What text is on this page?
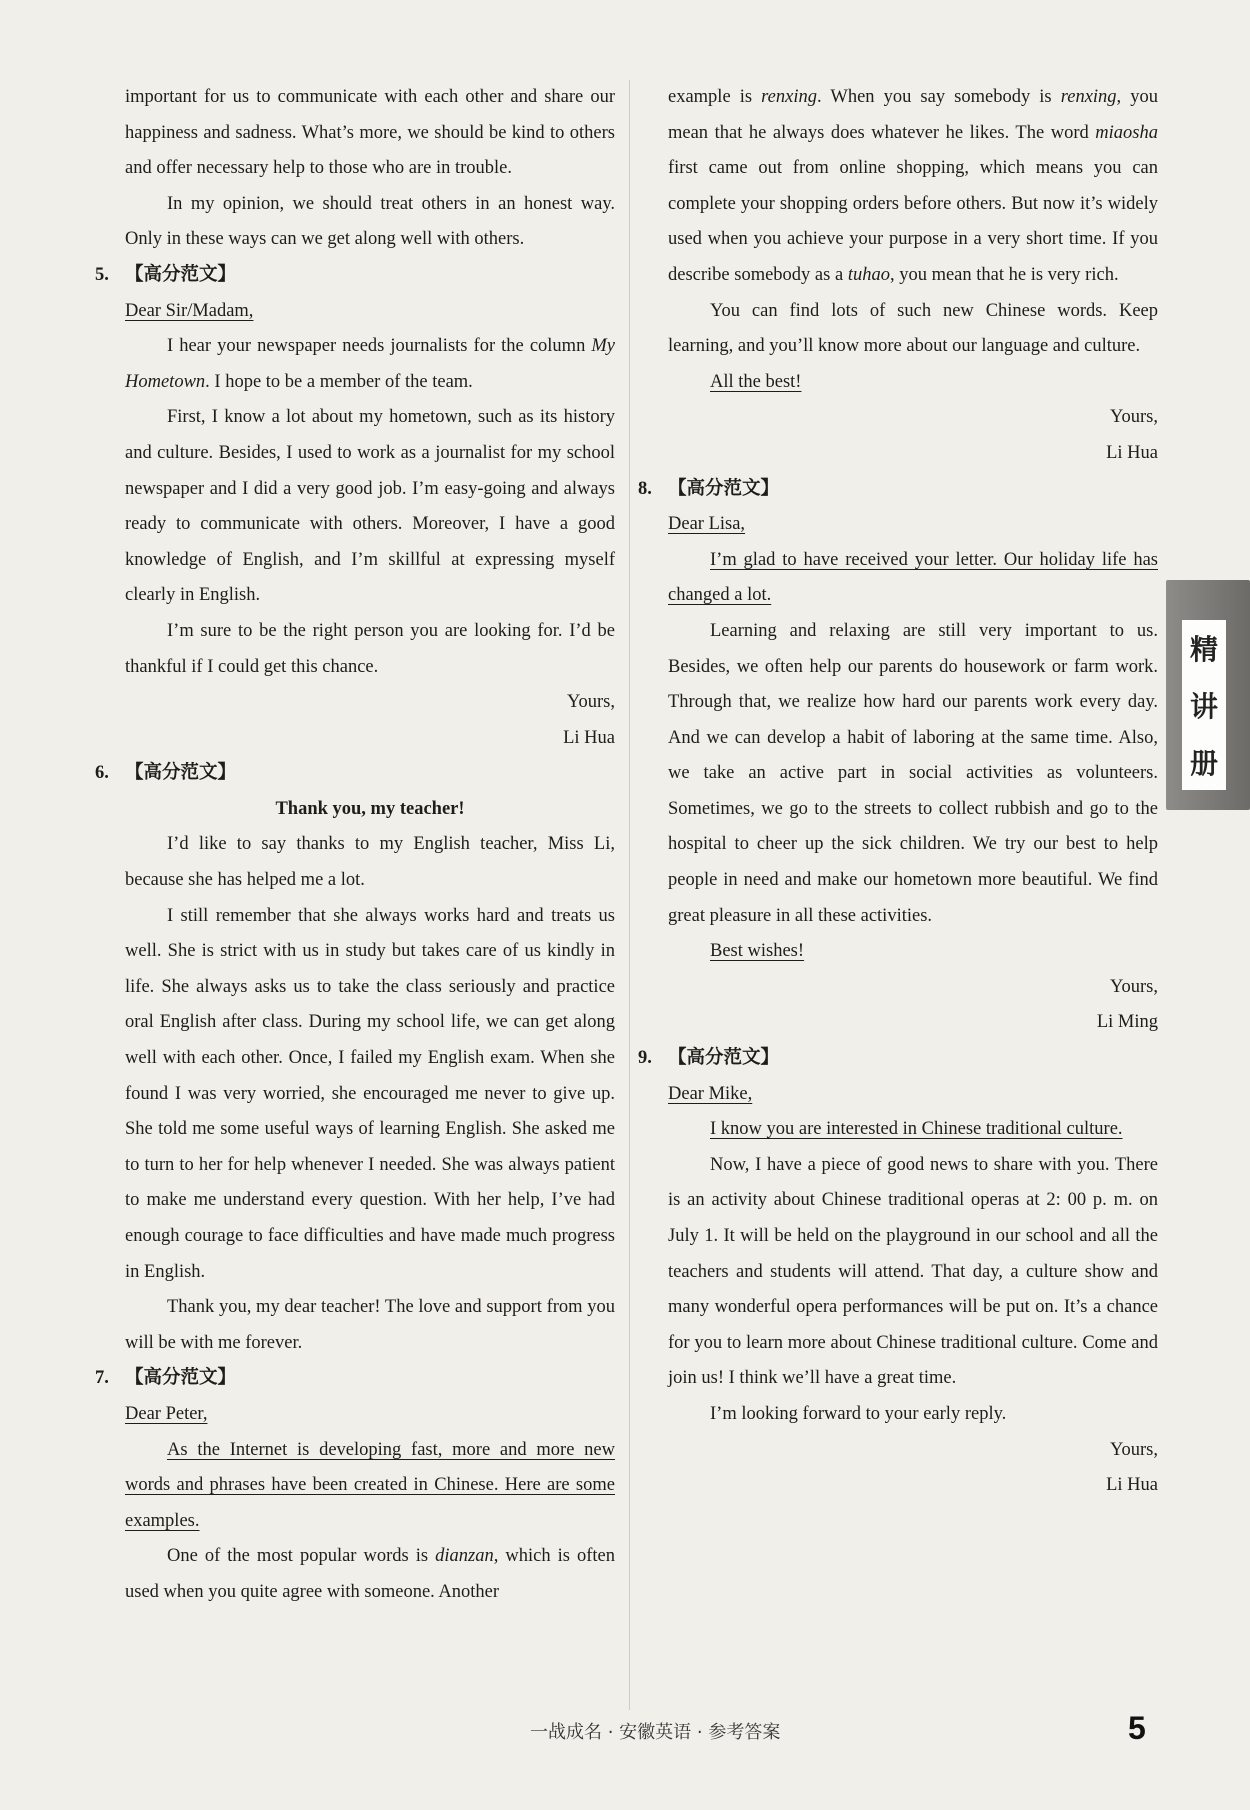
important for us to communicate with each other and share our happiness and sadness. What’s more, we should be kind to others and offer necessary help to those who are in trouble.

In my opinion, we should treat others in an honest way. Only in these ways can we get along well with others.

5. 【高分范文】

Dear Sir/Madam,

I hear your newspaper needs journalists for the column My Hometown. I hope to be a member of the team.

First, I know a lot about my hometown, such as its history and culture. Besides, I used to work as a journalist for my school newspaper and I did a very good job. I’m easy-going and always ready to communicate with others. Moreover, I have a good knowledge of English, and I’m skillful at expressing myself clearly in English.

I’m sure to be the right person you are looking for. I’d be thankful if I could get this chance.

Yours,

Li Hua

6. 【高分范文】

Thank you, my teacher!

I’d like to say thanks to my English teacher, Miss Li, because she has helped me a lot.

I still remember that she always works hard and treats us well. She is strict with us in study but takes care of us kindly in life. She always asks us to take the class seriously and practice oral English after class. During my school life, we can get along well with each other. Once, I failed my English exam. When she found I was very worried, she encouraged me never to give up. She told me some useful ways of learning English. She asked me to turn to her for help whenever I needed. She was always patient to make me understand every question. With her help, I’ve had enough courage to face difficulties and have made much progress in English.

Thank you, my dear teacher! The love and support from you will be with me forever.

7. 【高分范文】

Dear Peter,

As the Internet is developing fast, more and more new words and phrases have been created in Chinese. Here are some examples.

One of the most popular words is dianzan, which is often used when you quite agree with someone. Another

example is renxing. When you say somebody is renxing, you mean that he always does whatever he likes. The word miaosha first came out from online shopping, which means you can complete your shopping orders before others. But now it’s widely used when you achieve your purpose in a very short time. If you describe somebody as a tuhao, you mean that he is very rich.

You can find lots of such new Chinese words. Keep learning, and you’ll know more about our language and culture.

All the best!

Yours,

Li Hua

8. 【高分范文】

Dear Lisa,

I’m glad to have received your letter. Our holiday life has changed a lot.

Learning and relaxing are still very important to us. Besides, we often help our parents do housework or farm work. Through that, we realize how hard our parents work every day. And we can develop a habit of laboring at the same time. Also, we take an active part in social activities as volunteers. Sometimes, we go to the streets to collect rubbish and go to the hospital to cheer up the sick children. We try our best to help people in need and make our hometown more beautiful. We find great pleasure in all these activities.

Best wishes!

Yours,

Li Ming

9. 【高分范文】

Dear Mike,

I know you are interested in Chinese traditional culture.

Now, I have a piece of good news to share with you. There is an activity about Chinese traditional operas at 2: 00 p. m. on July 1. It will be held on the playground in our school and all the teachers and students will attend. That day, a culture show and many wonderful opera performances will be put on. It’s a chance for you to learn more about Chinese traditional culture. Come and join us! I think we’ll have a great time.

I’m looking forward to your early reply.

Yours,

Li Hua

精
讲
册
一战成名 · 安徽英语 · 参考答案	5
